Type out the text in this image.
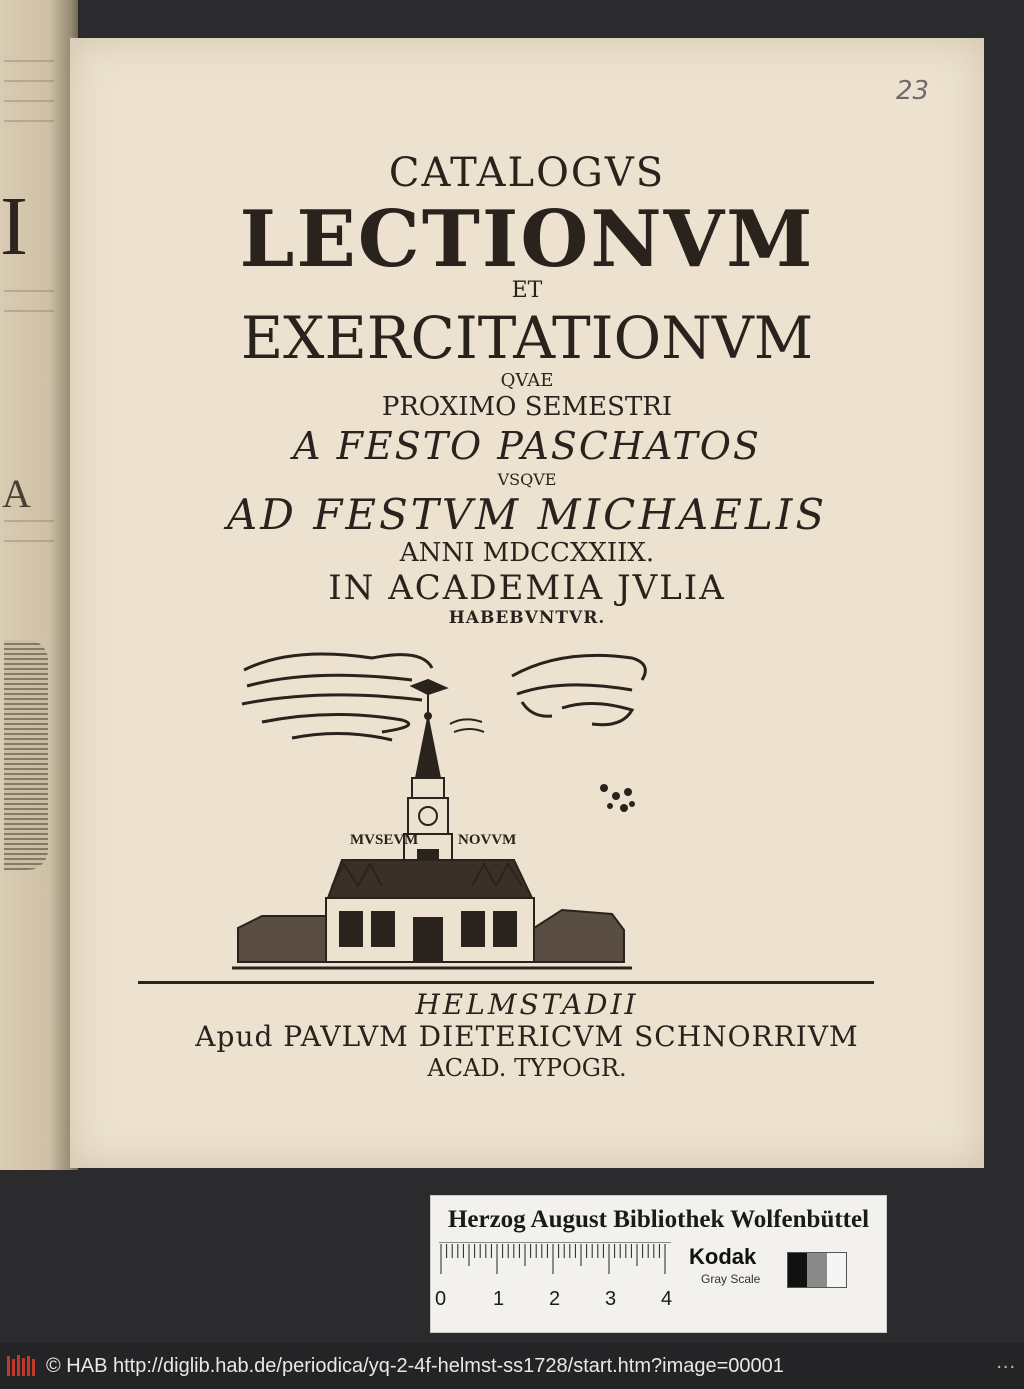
I
A
23
CATALOGVS
LECTIONVM
ET
EXERCITATIONVM
QVAE
PROXIMO SEMESTRI
A FESTO PASCHATOS
VSQVE
AD FESTVM MICHAELIS
ANNI MDCCXXIIX.
IN ACADEMIA JVLIA
HABEBVNTVR.
MVSEVM	NOVVM
HELMSTADII
Apud PAVLVM DIETERICVM SCHNORRIVM
ACAD. TYPOGR.
Herzog August Bibliothek Wolfenbüttel
0 1 2 3 4
Kodak
Gray Scale
© HAB http://diglib.hab.de/periodica/yq-2-4f-helmst-ss1728/start.htm?image=00001	...
